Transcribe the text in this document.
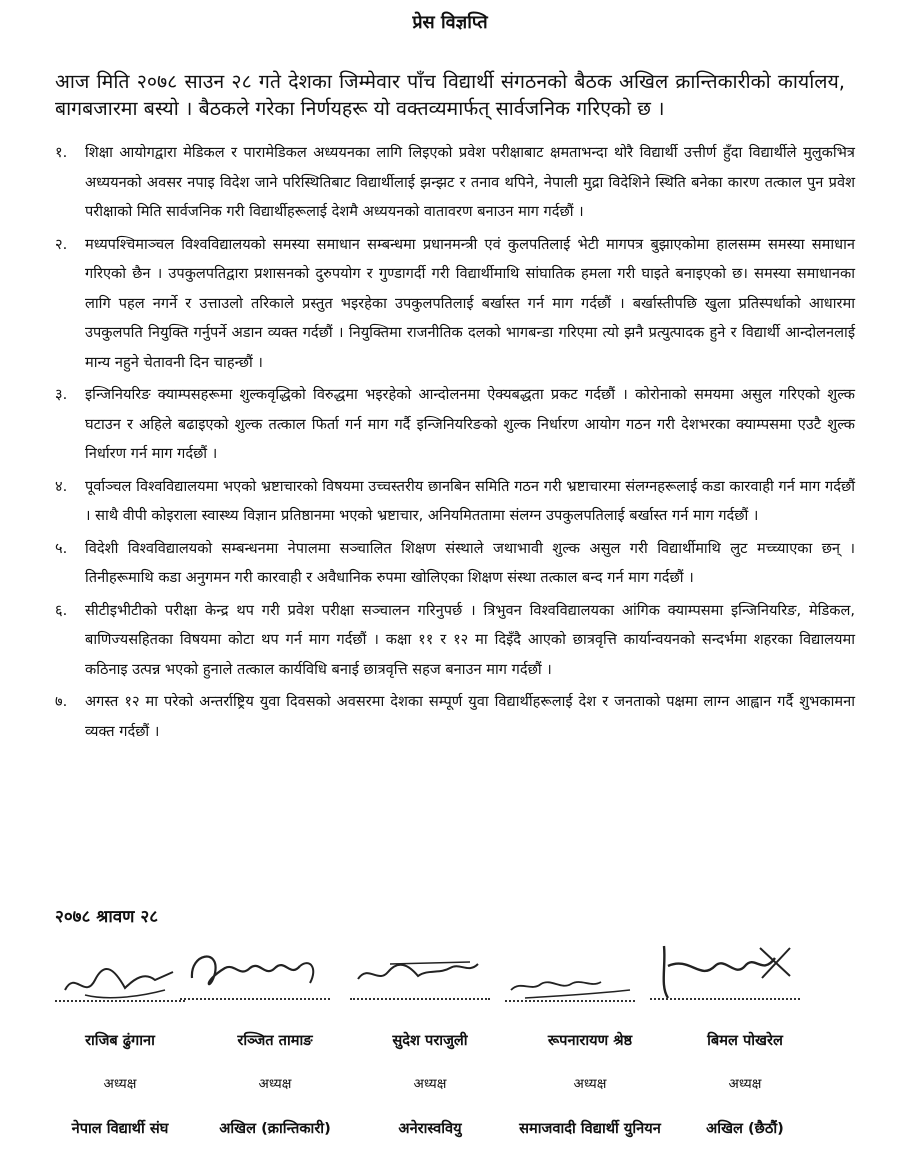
प्रेस विज्ञप्ति
आज मिति २०७८ साउन २८ गते देशका जिम्मेवार पाँच विद्यार्थी संगठनको बैठक अखिल क्रान्तिकारीको कार्यालय, बागबजारमा बस्यो । बैठकले गरेका निर्णयहरू यो वक्तव्यमार्फत् सार्वजनिक गरिएको छ ।
१.	शिक्षा आयोगद्वारा मेडिकल र पारामेडिकल अध्ययनका लागि लिइएको प्रवेश परीक्षाबाट क्षमताभन्दा थोरै विद्यार्थी उत्तीर्ण हुँदा विद्यार्थीले मुलुकभित्र अध्ययनको अवसर नपाइ विदेश जाने परिस्थितिबाट विद्यार्थीलाई झन्झट र तनाव थपिने, नेपाली मुद्रा विदेशिने स्थिति बनेका कारण तत्काल पुन प्रवेश परीक्षाको मिति सार्वजनिक गरी विद्यार्थीहरूलाई देशमै अध्ययनको वातावरण बनाउन माग गर्दछौं ।
२.	मध्यपश्चिमाञ्चल विश्वविद्यालयको समस्या समाधान सम्बन्धमा प्रधानमन्त्री एवं कुलपतिलाई भेटी मागपत्र बुझाएकोमा हालसम्म समस्या समाधान गरिएको छैन । उपकुलपतिद्वारा प्रशासनको दुरुपयोग र गुण्डागर्दी गरी विद्यार्थीमाथि सांघातिक हमला गरी घाइते बनाइएको छ। समस्या समाधानका लागि पहल नगर्ने र उत्ताउलो तरिकाले प्रस्तुत भइरहेका उपकुलपतिलाई बर्खास्त गर्न माग गर्दछौं । बर्खास्तीपछि खुला प्रतिस्पर्धाको आधारमा उपकुलपति नियुक्ति गर्नुपर्ने अडान व्यक्त गर्दछौं । नियुक्तिमा राजनीतिक दलको भागबन्डा गरिएमा त्यो झनै प्रत्युत्पादक हुने र विद्यार्थी आन्दोलनलाई मान्य नहुने चेतावनी दिन चाहन्छौं ।
३.	इन्जिनियरिङ क्याम्पसहरूमा शुल्कवृद्धिको विरुद्धमा भइरहेको आन्दोलनमा ऐक्यबद्धता प्रकट गर्दछौं । कोरोनाको समयमा असुल गरिएको शुल्क घटाउन र अहिले बढाइएको शुल्क तत्काल फिर्ता गर्न माग गर्दै इन्जिनियरिङको शुल्क निर्धारण आयोग गठन गरी देशभरका क्याम्पसमा एउटै शुल्क निर्धारण गर्न माग गर्दछौं ।
४.	पूर्वाञ्चल विश्वविद्यालयमा भएको भ्रष्टाचारको विषयमा उच्चस्तरीय छानबिन समिति गठन गरी भ्रष्टाचारमा संलग्नहरूलाई कडा कारवाही गर्न माग गर्दछौं । साथै वीपी कोइराला स्वास्थ्य विज्ञान प्रतिष्ठानमा भएको भ्रष्टाचार, अनियमिततामा संलग्न उपकुलपतिलाई बर्खास्त गर्न माग गर्दछौं ।
५.	विदेशी विश्वविद्यालयको सम्बन्धनमा नेपालमा सञ्चालित शिक्षण संस्थाले जथाभावी शुल्क असुल गरी विद्यार्थीमाथि लुट मच्च्याएका छन् । तिनीहरूमाथि कडा अनुगमन गरी कारवाही र अवैधानिक रुपमा खोलिएका शिक्षण संस्था तत्काल बन्द गर्न माग गर्दछौं ।
६.	सीटीइभीटीको परीक्षा केन्द्र थप गरी प्रवेश परीक्षा सञ्चालन गरिनुपर्छ । त्रिभुवन विश्वविद्यालयका आंगिक क्याम्पसमा इन्जिनियरिङ, मेडिकल, बाणिज्यसहितका विषयमा कोटा थप गर्न माग गर्दछौं । कक्षा ११ र १२ मा दिइँदै आएको छात्रवृत्ति कार्यान्वयनको सन्दर्भमा शहरका विद्यालयमा कठिनाइ उत्पन्न भएको हुनाले तत्काल कार्यविधि बनाई छात्रवृत्ति सहज बनाउन माग गर्दछौं ।
७.	अगस्त १२ मा परेको अन्तर्राष्ट्रिय युवा दिवसको अवसरमा देशका सम्पूर्ण युवा विद्यार्थीहरूलाई देश र जनताको पक्षमा लाग्न आह्वान गर्दै शुभकामना व्यक्त गर्दछौं ।
२०७८ श्रावण २८
राजिब ढुंगाना
अध्यक्ष
नेपाल विद्यार्थी संघ
रञ्जित तामाङ
अध्यक्ष
अखिल (क्रान्तिकारी)
सुदेश पराजुली
अध्यक्ष
अनेरास्ववियु
रूपनारायण श्रेष्ठ
अध्यक्ष
समाजवादी विद्यार्थी युनियन
बिमल पोखरेल
अध्यक्ष
अखिल (छैठौं)
